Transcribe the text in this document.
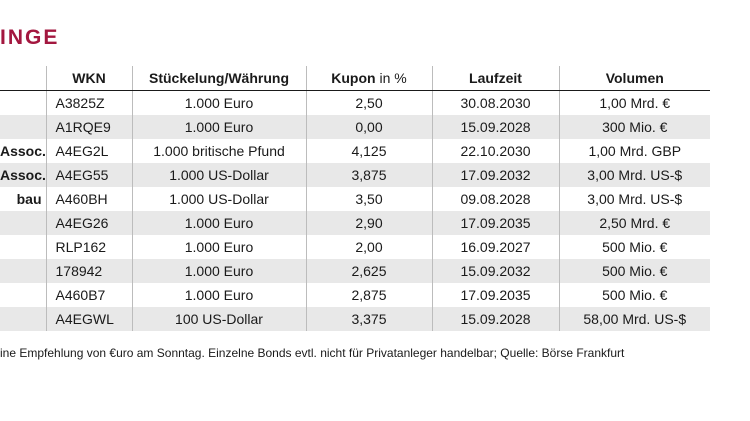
INGE
	WKN	Stückelung/Währung	Kupon in %	Laufzeit	Volumen
	A3825Z	1.000 Euro	2,50	30.08.2030	1,00 Mrd. €
	A1RQE9	1.000 Euro	0,00	15.09.2028	300 Mio. €
Assoc.	A4EG2L	1.000 britische Pfund	4,125	22.10.2030	1,00 Mrd. GBP
Assoc.	A4EG55	1.000 US-Dollar	3,875	17.09.2032	3,00 Mrd. US-$
bau	A460BH	1.000 US-Dollar	3,50	09.08.2028	3,00 Mrd. US-$
	A4EG26	1.000 Euro	2,90	17.09.2035	2,50 Mrd. €
	RLP162	1.000 Euro	2,00	16.09.2027	500 Mio. €
	178942	1.000 Euro	2,625	15.09.2032	500 Mio. €
	A460B7	1.000 Euro	2,875	17.09.2035	500 Mio. €
	A4EGWL	100 US-Dollar	3,375	15.09.2028	58,00 Mrd. US-$

ine Empfehlung von €uro am Sonntag. Einzelne Bonds evtl. nicht für Privatanleger handelbar; Quelle: Börse Frankfurt
